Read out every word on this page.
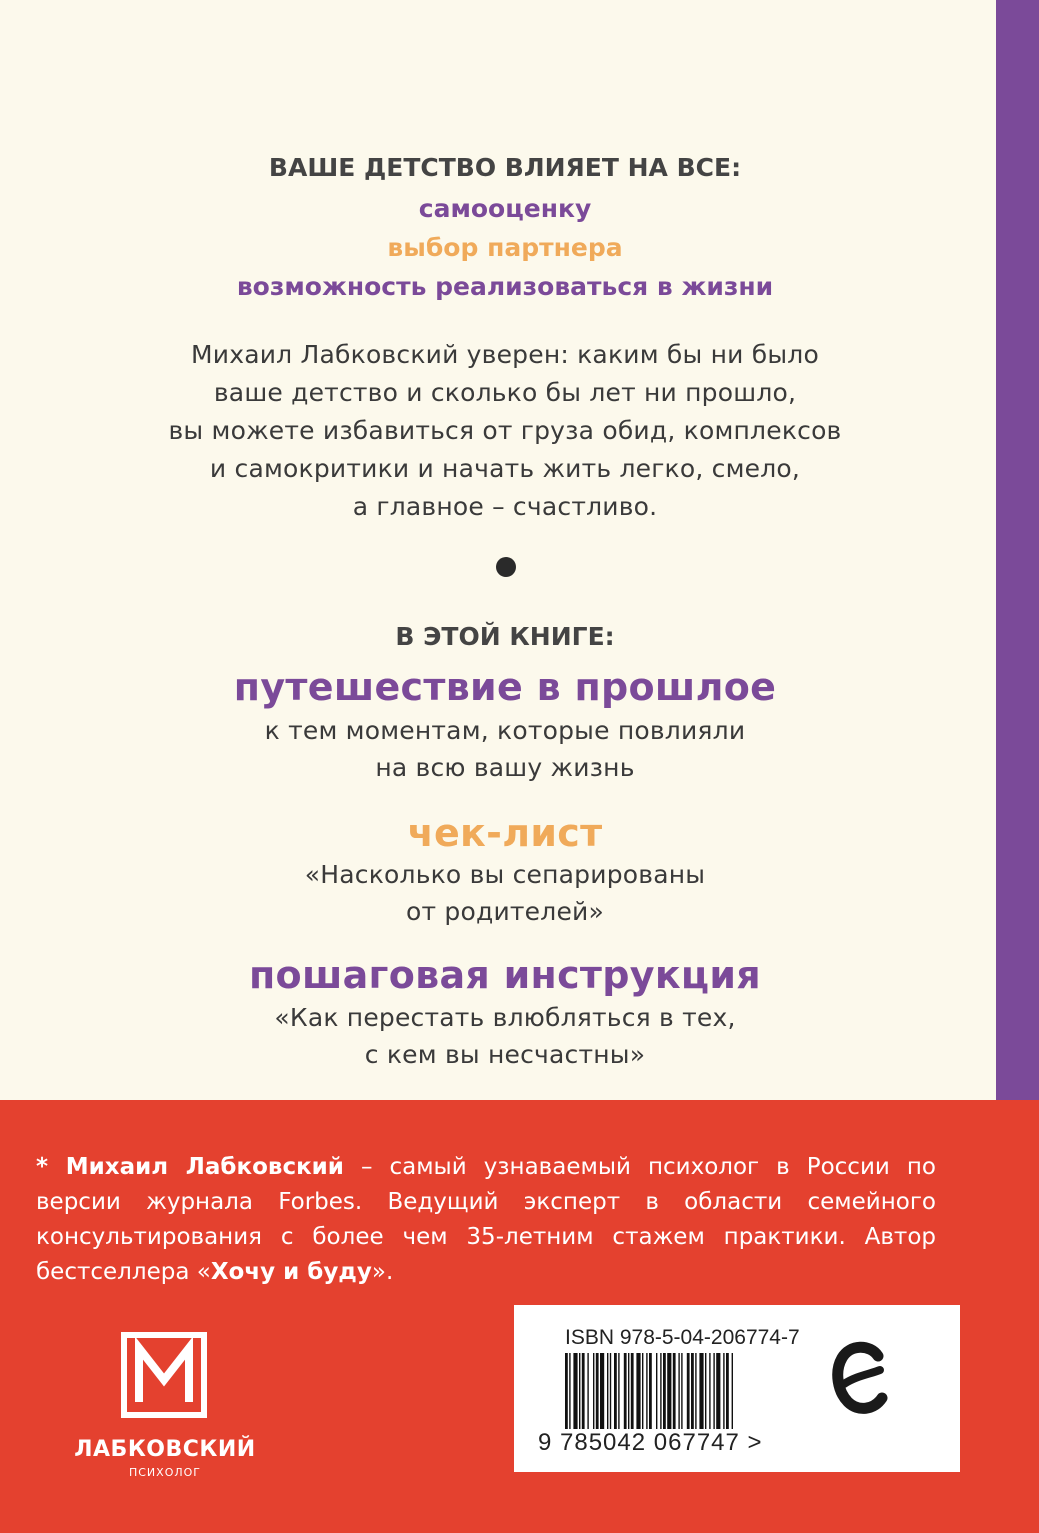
ВАШЕ ДЕТСТВО ВЛИЯЕТ НА ВСЕ:
самооценку
выбор партнера
возможность реализоваться в жизни
Михаил Лабковский уверен: каким бы ни было
ваше детство и сколько бы лет ни прошло,
вы можете избавиться от груза обид, комплексов
и самокритики и начать жить легко, смело,
а главное – счастливо.
В ЭТОЙ КНИГЕ:
путешествие в прошлое
к тем моментам, которые повлияли
на всю вашу жизнь
чек-лист
«Насколько вы сепарированы
от родителей»
пошаговая инструкция
«Как перестать влюбляться в тех,
с кем вы несчастны»
* Михаил Лабковский – самый узнаваемый психолог в России по версии журнала Forbes. Ведущий эксперт в области семейного консультирования с более чем 35-летним стажем практики. Автор бестселлера «Хочу и буду».
ЛАБКОВСКИЙ
ПСИХОЛОГ
ISBN 978-5-04-206774-7
9 785042 067747 >
